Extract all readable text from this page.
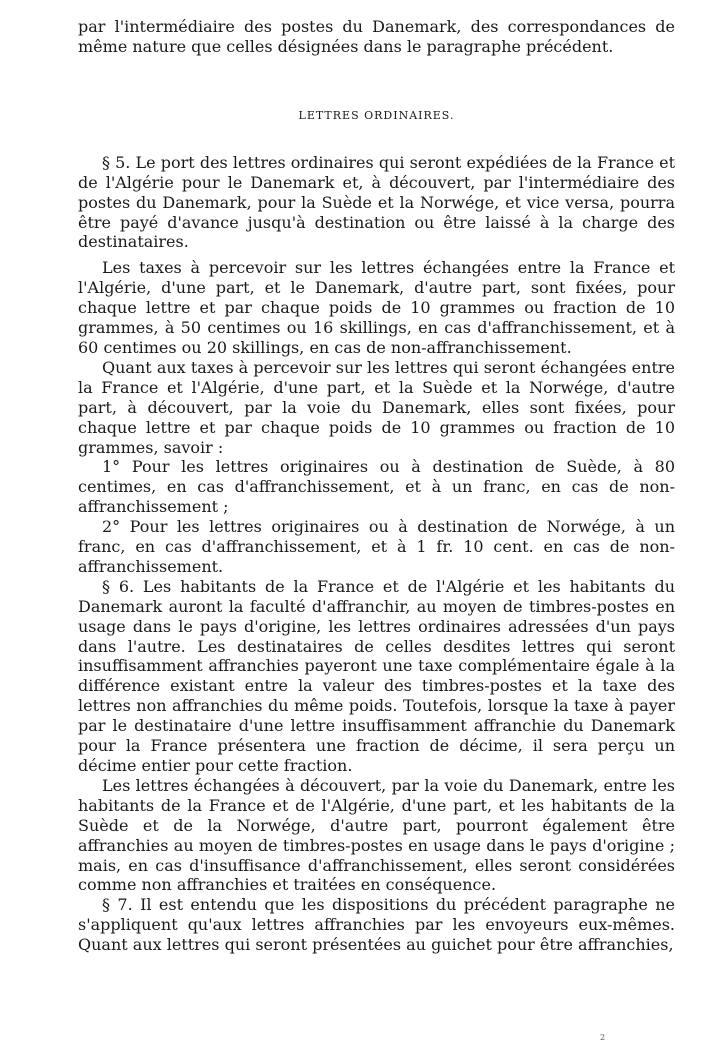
par l'intermédiaire des postes du Danemark, des correspondances de même nature que celles désignées dans le paragraphe précédent.

LETTRES ORDINAIRES.

§ 5. Le port des lettres ordinaires qui seront expédiées de la France et de l'Algérie pour le Danemark et, à découvert, par l'intermédiaire des postes du Danemark, pour la Suède et la Norwége, et vice versa, pourra être payé d'avance jusqu'à destination ou être laissé à la charge des destinataires.

Les taxes à percevoir sur les lettres échangées entre la France et l'Algérie, d'une part, et le Danemark, d'autre part, sont fixées, pour chaque lettre et par chaque poids de 10 grammes ou fraction de 10 grammes, à 50 centimes ou 16 skillings, en cas d'affranchissement, et à 60 centimes ou 20 skillings, en cas de non-affranchissement.

Quant aux taxes à percevoir sur les lettres qui seront échangées entre la France et l'Algérie, d'une part, et la Suède et la Norwége, d'autre part, à découvert, par la voie du Danemark, elles sont fixées, pour chaque lettre et par chaque poids de 10 grammes ou fraction de 10 grammes, savoir :

1° Pour les lettres originaires ou à destination de Suède, à 80 centimes, en cas d'affranchissement, et à un franc, en cas de non-affranchissement ;

2° Pour les lettres originaires ou à destination de Norwége, à un franc, en cas d'affranchissement, et à 1 fr. 10 cent. en cas de non-affranchissement.

§ 6. Les habitants de la France et de l'Algérie et les habitants du Danemark auront la faculté d'affranchir, au moyen de timbres-postes en usage dans le pays d'origine, les lettres ordinaires adressées d'un pays dans l'autre. Les destinataires de celles desdites lettres qui seront insuffisamment affranchies payeront une taxe complémentaire égale à la différence existant entre la valeur des timbres-postes et la taxe des lettres non affranchies du même poids. Toutefois, lorsque la taxe à payer par le destinataire d'une lettre insuffisamment affranchie du Danemark pour la France présentera une fraction de décime, il sera perçu un décime entier pour cette fraction.

Les lettres échangées à découvert, par la voie du Danemark, entre les habitants de la France et de l'Algérie, d'une part, et les habitants de la Suède et de la Norwége, d'autre part, pourront également être affranchies au moyen de timbres-postes en usage dans le pays d'origine ; mais, en cas d'insuffisance d'affranchissement, elles seront considérées comme non affranchies et traitées en conséquence.

§ 7. Il est entendu que les dispositions du précédent paragraphe ne s'appliquent qu'aux lettres affranchies par les envoyeurs eux-mêmes. Quant aux lettres qui seront présentées au guichet pour être affranchies,

2
